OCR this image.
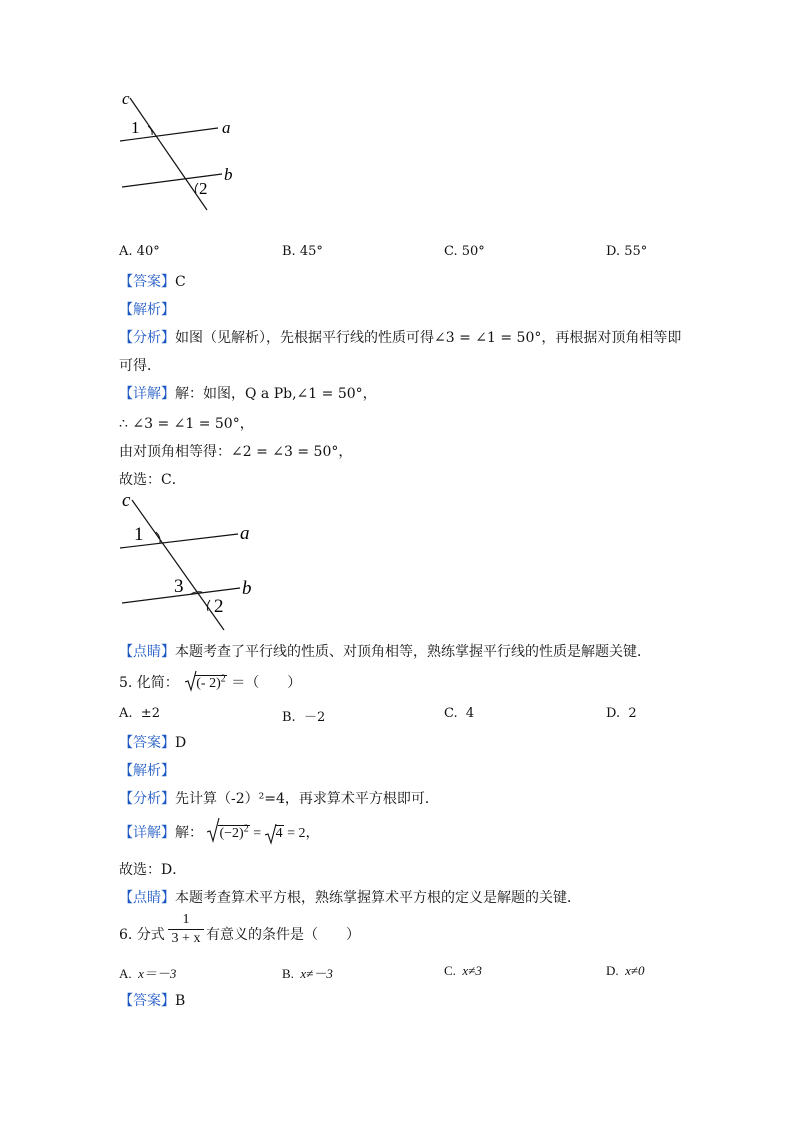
c
1	a
b
2
A. 40°	B. 45°	C. 50°	D. 55°
【答案】C
【解析】
【分析】如图（见解析），先根据平行线的性质可得∠3 = ∠1 = 50°，再根据对顶角相等即
可得．
【详解】解：如图，Q a Pb,∠1 = 50°，
∴ ∠3 = ∠1 = 50°，
由对顶角相等得：∠2 = ∠3 = 50°，
故选：C．
c
1	a
3	b
2
【点睛】本题考查了平行线的性质、对顶角相等，熟练掌握平行线的性质是解题关键．
5. 化简： (- 2)$^2$ ＝（　　）
A. ±2	B. －2	C. 4	D. 2
【答案】D
【解析】
【分析】先计算（-2）²=4，再求算术平方根即可．
【详解】解： $(-2)^2$ =
4 = 2，
故选：D．
【点睛】本题考查算术平方根，熟练掌握算术平方根的定义是解题的关键．
6. 分式
1
3 + x 有意义的条件是（　　）
A. x＝－3	B. x≠－3	C. x≠3	D. x≠0
【答案】B
